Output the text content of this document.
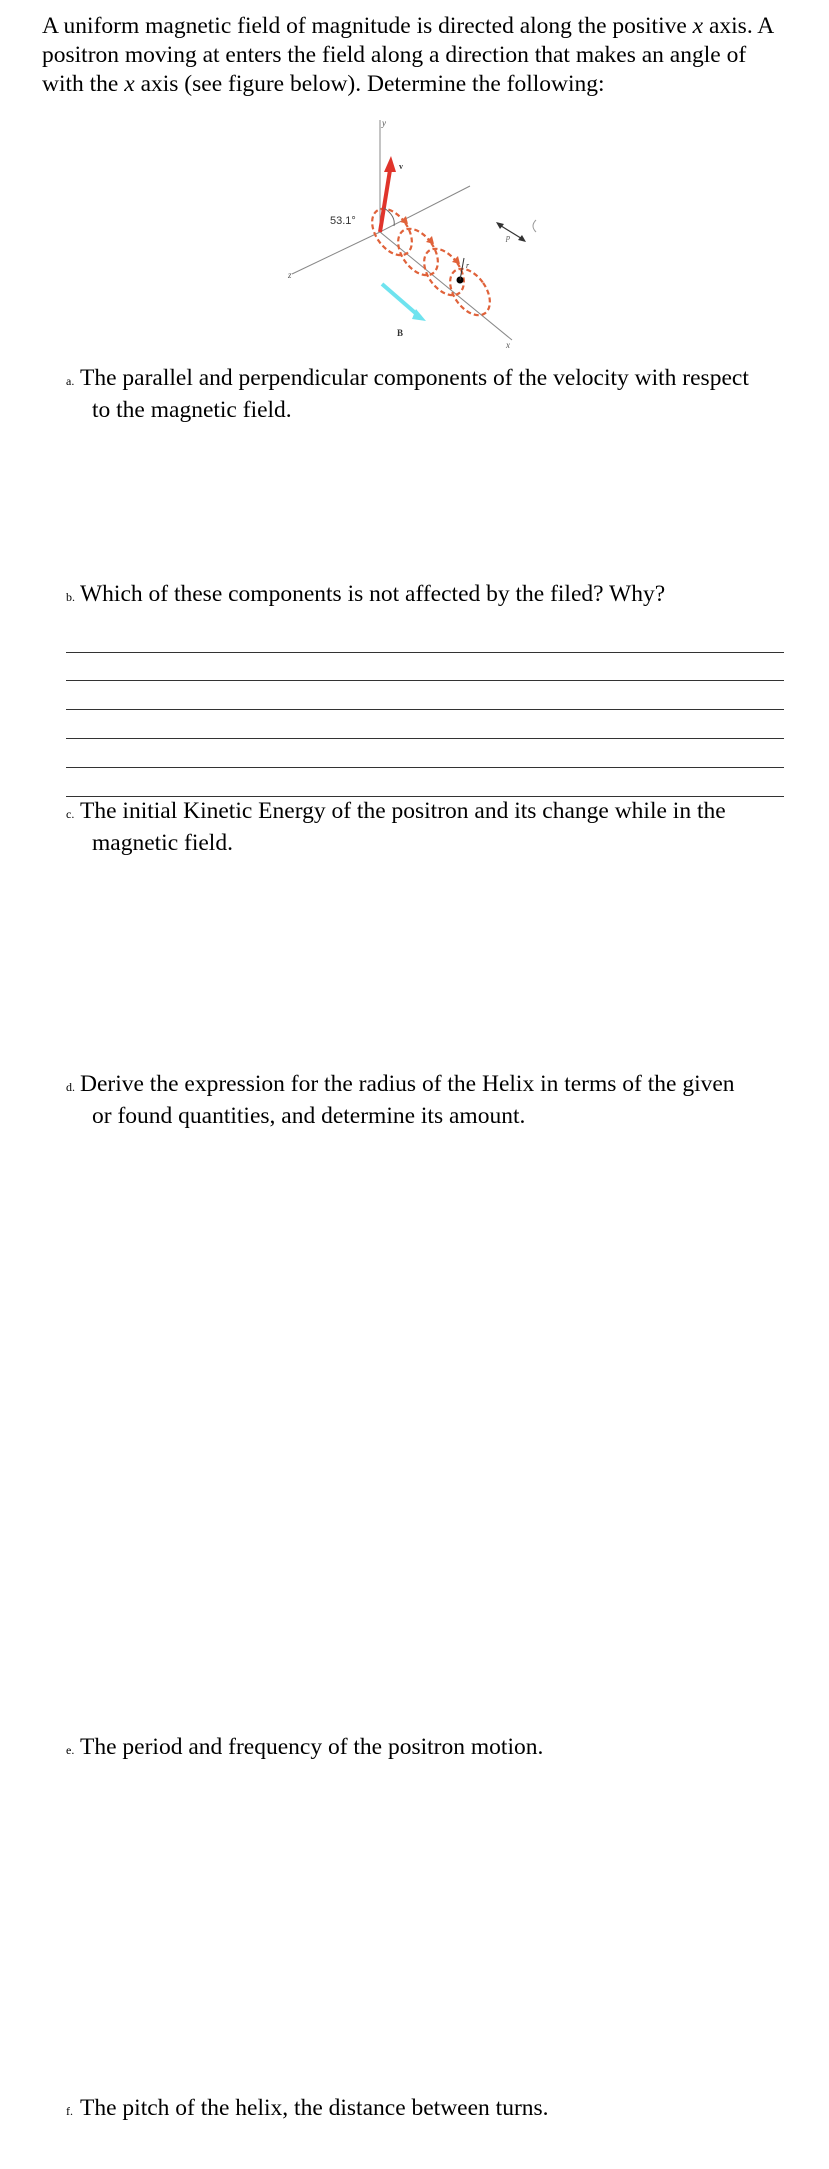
A uniform magnetic field of magnitude is directed along the positive x axis. A positron moving at enters the field along a direction that makes an angle of with the x axis (see figure below). Determine the following:

y
z
x
r
p
v
53.1°
B
a. The parallel and perpendicular components of the velocity with respect
to the magnetic field.
b. Which of these components is not affected by the filed? Why?
c. The initial Kinetic Energy of the positron and its change while in the
magnetic field.
d. Derive the expression for the radius of the Helix in terms of the given
or found quantities, and determine its amount.
e. The period and frequency of the positron motion.
f. The pitch of the helix, the distance between turns.
